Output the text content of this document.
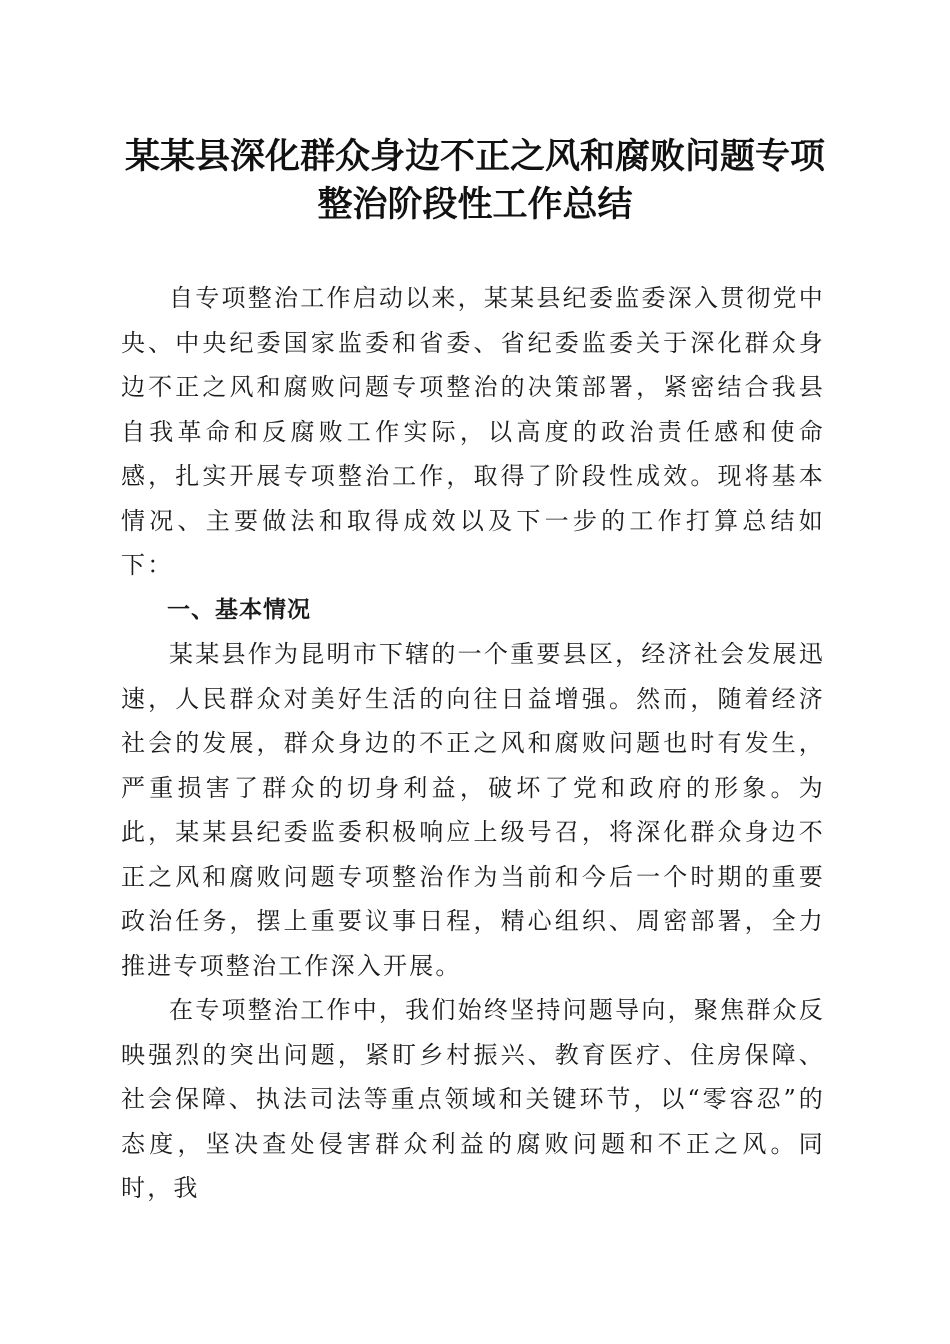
某某县深化群众身边不正之风和腐败问题专项
整治阶段性工作总结

自专项整治工作启动以来，某某县纪委监委深入贯彻党中央、中央纪委国家监委和省委、省纪委监委关于深化群众身边不正之风和腐败问题专项整治的决策部署，紧密结合我县自我革命和反腐败工作实际，以高度的政治责任感和使命感，扎实开展专项整治工作，取得了阶段性成效。现将基本情况、主要做法和取得成效以及下一步的工作打算总结如下：

一、基本情况

某某县作为昆明市下辖的一个重要县区，经济社会发展迅速，人民群众对美好生活的向往日益增强。然而，随着经济社会的发展，群众身边的不正之风和腐败问题也时有发生，严重损害了群众的切身利益，破坏了党和政府的形象。为此，某某县纪委监委积极响应上级号召，将深化群众身边不正之风和腐败问题专项整治作为当前和今后一个时期的重要政治任务，摆上重要议事日程，精心组织、周密部署，全力推进专项整治工作深入开展。

在专项整治工作中，我们始终坚持问题导向，聚焦群众反映强烈的突出问题，紧盯乡村振兴、教育医疗、住房保障、社会保障、执法司法等重点领域和关键环节，以“零容忍”的态度，坚决查处侵害群众利益的腐败问题和不正之风。同时，我
